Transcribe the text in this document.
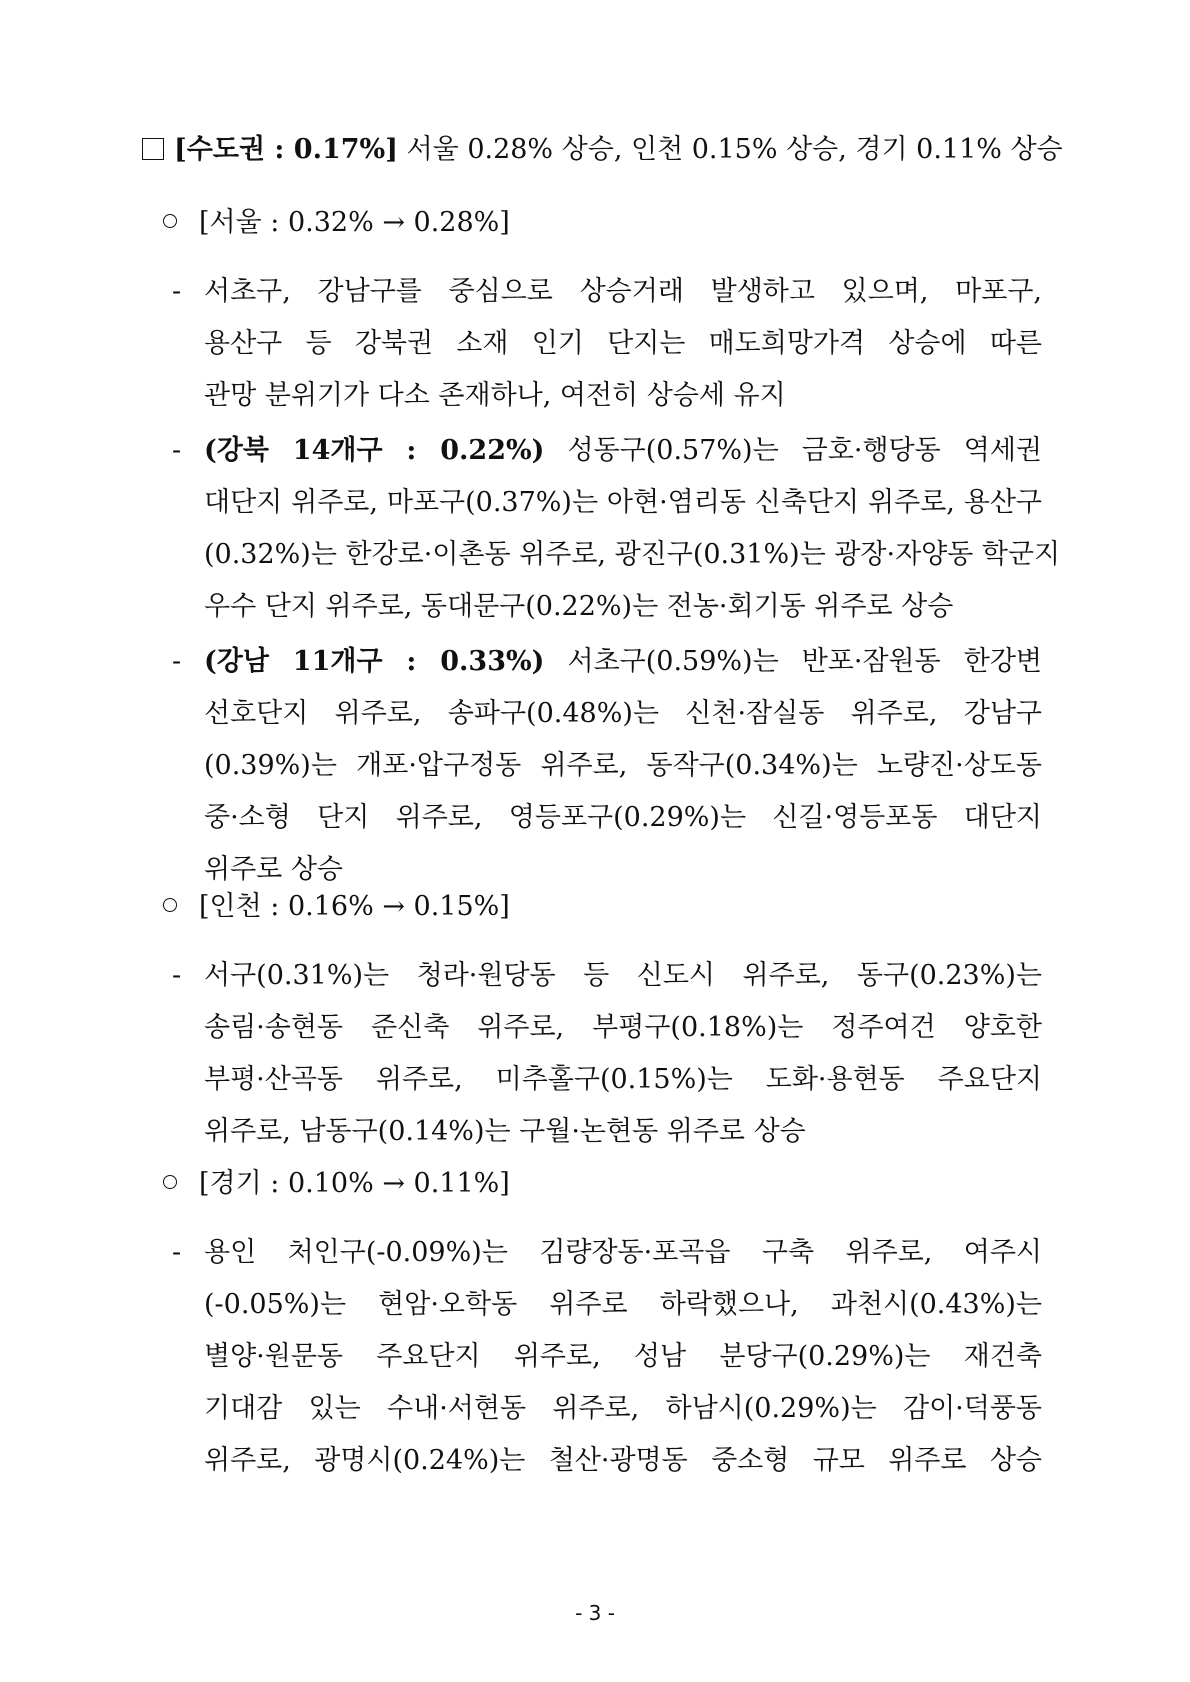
[수도권 : 0.17%] 서울 0.28% 상승, 인천 0.15% 상승, 경기 0.11% 상승
[서울 : 0.32% → 0.28%]
- 서초구, 강남구를 중심으로 상승거래 발생하고 있으며, 마포구,
용산구 등 강북권 소재 인기 단지는 매도희망가격 상승에 따른
관망 분위기가 다소 존재하나, 여전히 상승세 유지
- (강북 14개구 : 0.22%) 성동구(0.57%)는 금호·행당동 역세권
대단지 위주로, 마포구(0.37%)는 아현·염리동 신축단지 위주로, 용산구
(0.32%)는 한강로·이촌동 위주로, 광진구(0.31%)는 광장·자양동 학군지
우수 단지 위주로, 동대문구(0.22%)는 전농·회기동 위주로 상승
- (강남 11개구 : 0.33%) 서초구(0.59%)는 반포·잠원동 한강변
선호단지 위주로, 송파구(0.48%)는 신천·잠실동 위주로, 강남구
(0.39%)는 개포·압구정동 위주로, 동작구(0.34%)는 노량진·상도동
중·소형 단지 위주로, 영등포구(0.29%)는 신길·영등포동 대단지
위주로 상승
[인천 : 0.16% → 0.15%]
- 서구(0.31%)는 청라·원당동 등 신도시 위주로, 동구(0.23%)는
송림·송현동 준신축 위주로, 부평구(0.18%)는 정주여건 양호한
부평·산곡동 위주로, 미추홀구(0.15%)는 도화·용현동 주요단지
위주로, 남동구(0.14%)는 구월·논현동 위주로 상승
[경기 : 0.10% → 0.11%]
- 용인 처인구(-0.09%)는 김량장동·포곡읍 구축 위주로, 여주시
(-0.05%)는 현암·오학동 위주로 하락했으나, 과천시(0.43%)는
별양·원문동 주요단지 위주로, 성남 분당구(0.29%)는 재건축
기대감 있는 수내·서현동 위주로, 하남시(0.29%)는 감이·덕풍동
위주로, 광명시(0.24%)는 철산·광명동 중소형 규모 위주로 상승
- 3 -
